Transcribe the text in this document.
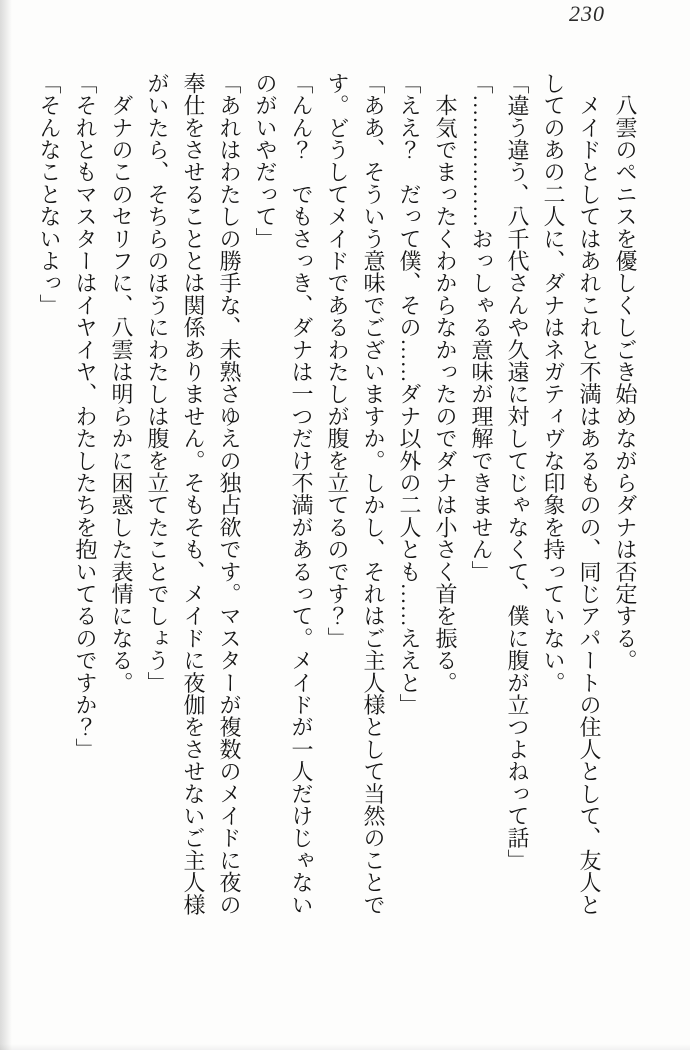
230

　八雲のペニスを優しくしごき始めながらダナは否定する。

　メイドとしてはあれこれと不満はあるものの、同じアパートの住人として、友人としてのあの二人に、ダナはネガティヴな印象を持っていない。

「違う違う、八千代さんや久遠に対してじゃなくて、僕に腹が立つよねって話」

「………………おっしゃる意味が理解できません」

　本気でまったくわからなかったのでダナは小さく首を振る。

「ええ？　だって僕、その……ダナ以外の二人とも……ええと」

「ああ、そういう意味でございますか。しかし、それはご主人様として当然のことです。どうしてメイドであるわたしが腹を立てるのです？」

「んん？　でもさっき、ダナは一つだけ不満があるって。メイドが一人だけじゃないのがいやだって」

「あれはわたしの勝手な、未熟さゆえの独占欲です。マスターが複数のメイドに夜の奉仕をさせることとは関係ありません。そもそも、メイドに夜伽をさせないご主人様がいたら、そちらのほうにわたしは腹を立てたことでしょう」

　ダナのこのセリフに、八雲は明らかに困惑した表情になる。

「それともマスターはイヤイヤ、わたしたちを抱いてるのですか？」

「そんなことないよっ」
